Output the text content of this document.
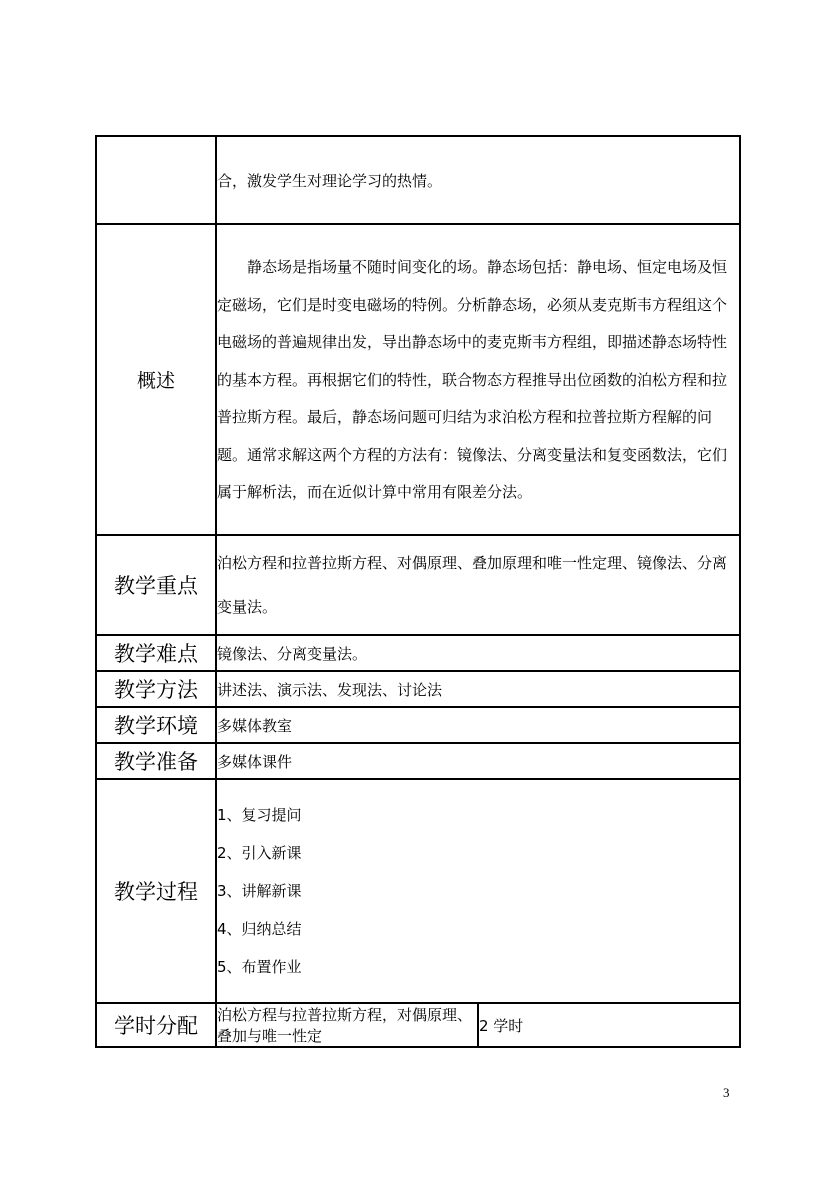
	合，激发学生对理论学习的热情。	
概述	静态场是指场量不随时间变化的场。静态场包括：静电场、恒定电场及恒定磁场，它们是时变电磁场的特例。分析静态场，必须从麦克斯韦方程组这个电磁场的普遍规律出发，导出静态场中的麦克斯韦方程组，即描述静态场特性的基本方程。再根据它们的特性，联合物态方程推导出位函数的泊松方程和拉普拉斯方程。最后，静态场问题可归结为求泊松方程和拉普拉斯方程解的问题。通常求解这两个方程的方法有：镜像法、分离变量法和复变函数法，它们属于解析法，而在近似计算中常用有限差分法。	

教学重点	泊松方程和拉普拉斯方程、对偶原理、叠加原理和唯一性定理、镜像法、分离变量法。	

教学难点	镜像法、分离变量法。	
教学方法	讲述法、演示法、发现法、讨论法	
教学环境	多媒体教室	
教学准备	多媒体课件	
教学过程	1、复习提问
2、引入新课
3、讲解新课
4、归纳总结
5、布置作业	

学时分配	泊松方程与拉普拉斯方程，对偶原理、叠加与唯一性定	2 学时
3
